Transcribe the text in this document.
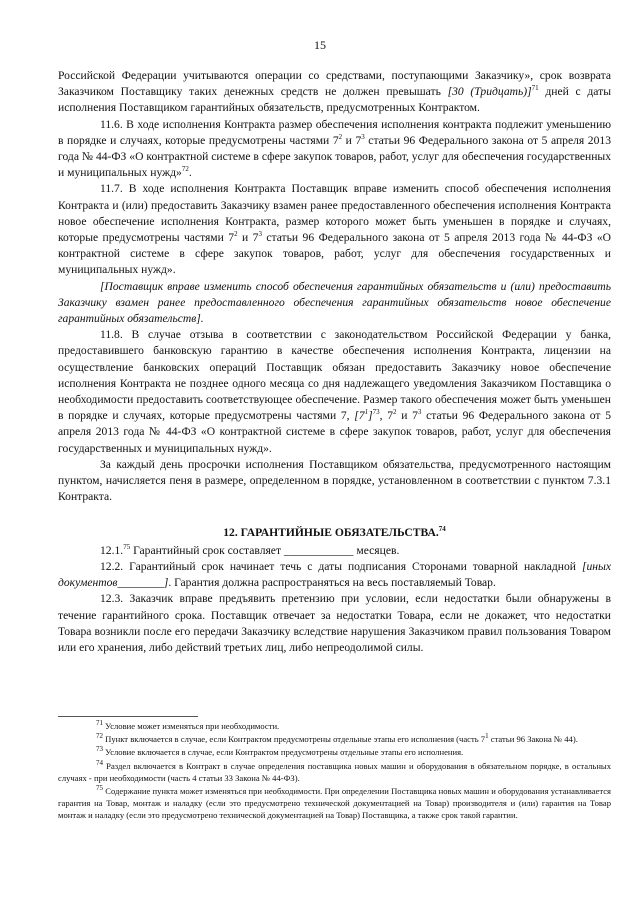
15

Российской Федерации учитываются операции со средствами, поступающими Заказчику», срок возврата Заказчиком Поставщику таких денежных средств не должен превышать [30 (Тридцать)]$^{71}$ дней с даты исполнения Поставщиком гарантийных обязательств, предусмотренных Контрактом.

11.6. В ходе исполнения Контракта размер обеспечения исполнения контракта подлежит уменьшению в порядке и случаях, которые предусмотрены частями $7^2$ и $7^3$ статьи 96 Федерального закона от 5 апреля 2013 года № 44-ФЗ «О контрактной системе в сфере закупок товаров, работ, услуг для обеспечения государственных и муниципальных нужд»$^{72}$.

11.7. В ходе исполнения Контракта Поставщик вправе изменить способ обеспечения исполнения Контракта и (или) предоставить Заказчику взамен ранее предоставленного обеспечения исполнения Контракта новое обеспечение исполнения Контракта, размер которого может быть уменьшен в порядке и случаях, которые предусмотрены частями $7^2$ и $7^3$ статьи 96 Федерального закона от 5 апреля 2013 года № 44-ФЗ «О контрактной системе в сфере закупок товаров, работ, услуг для обеспечения государственных и муниципальных нужд».

[Поставщик вправе изменить способ обеспечения гарантийных обязательств и (или) предоставить Заказчику взамен ранее предоставленного обеспечения гарантийных обязательств новое обеспечение гарантийных обязательств].

11.8. В случае отзыва в соответствии с законодательством Российской Федерации у банка, предоставившего банковскую гарантию в качестве обеспечения исполнения Контракта, лицензии на осуществление банковских операций Поставщик обязан предоставить Заказчику новое обеспечение исполнения Контракта не позднее одного месяца со дня надлежащего уведомления Заказчиком Поставщика о необходимости предоставить соответствующее обеспечение. Размер такого обеспечения может быть уменьшен в порядке и случаях, которые предусмотрены частями 7, $[7^1]^{73}$, $7^2$ и $7^3$ статьи 96 Федерального закона от 5 апреля 2013 года № 44-ФЗ «О контрактной системе в сфере закупок товаров, работ, услуг для обеспечения государственных и муниципальных нужд».

За каждый день просрочки исполнения Поставщиком обязательства, предусмотренного настоящим пунктом, начисляется пеня в размере, определенном в порядке, установленном в соответствии с пунктом 7.3.1 Контракта.

12. ГАРАНТИЙНЫЕ ОБЯЗАТЕЛЬСТВА.$^{74}$

12.1.75 Гарантийный срок составляет ____________ месяцев.

12.2. Гарантийный срок начинает течь с даты подписания Сторонами товарной накладной [иных документов________]. Гарантия должна распространяться на весь поставляемый Товар.

12.3. Заказчик вправе предъявить претензию при условии, если недостатки были обнаружены в течение гарантийного срока. Поставщик отвечает за недостатки Товара, если не докажет, что недостатки Товара возникли после его передачи Заказчику вследствие нарушения Заказчиком правил пользования Товаром или его хранения, либо действий третьих лиц, либо непреодолимой силы.

$^{71}$ Условие может изменяться при необходимости.

$^{72}$ Пункт включается в случае, если Контрактом предусмотрены отдельные этапы его исполнения (часть $7^1$ статьи 96 Закона № 44).

$^{73}$ Условие включается в случае, если Контрактом предусмотрены отдельные этапы его исполнения.

$^{74}$ Раздел включается в Контракт в случае определения поставщика новых машин и оборудования в обязательном порядке, в остальных случаях - при необходимости (часть 4 статьи 33 Закона № 44-ФЗ).

$^{75}$ Содержание пункта может изменяться при необходимости. При определении Поставщика новых машин и оборудования устанавливается гарантия на Товар, монтаж и наладку (если это предусмотрено технической документацией на Товар) производителя и (или) гарантия на Товар монтаж и наладку (если это предусмотрено технической документацией на Товар) Поставщика, а также срок такой гарантии.
